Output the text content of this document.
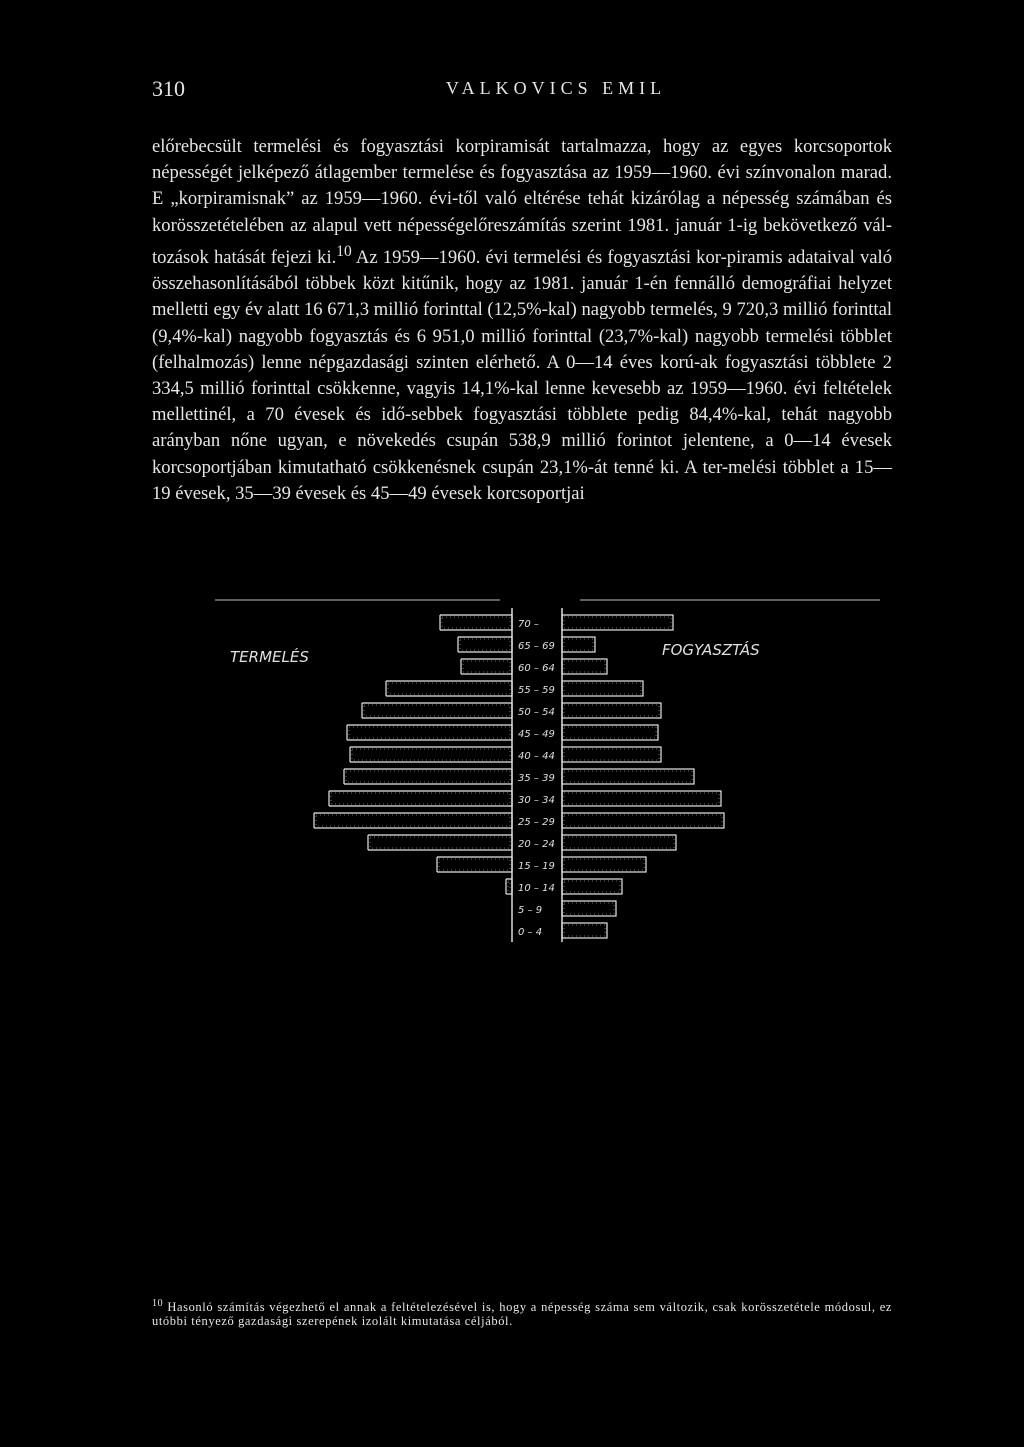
310	VALKOVICS EMIL

előrebecsült termelési és fogyasztási korpiramisát tartalmazza, hogy az egyes korcsoportok népességét jelképező átlagember termelése és fogyasztása az 1959—1960. évi színvonalon marad. E „korpiramisnak” az 1959—1960. évi-től való eltérése tehát kizárólag a népesség számában és korösszetételében az alapul vett népességelőreszámítás szerint 1981. január 1-ig bekövetkező vál-tozások hatását fejezi ki.$^{10}$ Az 1959—1960. évi termelési és fogyasztási kor-piramis adataival való összehasonlításából többek közt kitűnik, hogy az 1981. január 1-én fennálló demográfiai helyzet melletti egy év alatt 16 671,3 millió forinttal (12,5%-kal) nagyobb termelés, 9 720,3 millió forinttal (9,4%-kal) nagyobb fogyasztás és 6 951,0 millió forinttal (23,7%-kal) nagyobb termelési többlet (felhalmozás) lenne népgazdasági szinten elérhető. A 0—14 éves korú-ak fogyasztási többlete 2 334,5 millió forinttal csökkenne, vagyis 14,1%-kal lenne kevesebb az 1959—1960. évi feltételek mellettinél, a 70 évesek és idő-sebbek fogyasztási többlete pedig 84,4%-kal, tehát nagyobb arányban nőne ugyan, e növekedés csupán 538,9 millió forintot jelentene, a 0—14 évesek korcsoportjában kimutatható csökkenésnek csupán 23,1%-át tenné ki. A ter-melési többlet a 15—19 évesek, 35—39 évesek és 45—49 évesek korcsoportjai

TERMELÉS	FOGYASZTÁS
70 –
65 – 69
60 – 64
55 – 59
50 – 54
45 – 49
40 – 44
35 – 39
30 – 34
25 – 29
20 – 24
15 – 19
10 – 14
5 – 9
0 – 4
$^{10}$ Hasonló számítás végezhető el annak a feltételezésével is, hogy a népesség száma sem változik, csak korösszetétele módosul, ez utóbbi tényező gazdasági szerepének izolált kimutatása céljából.
